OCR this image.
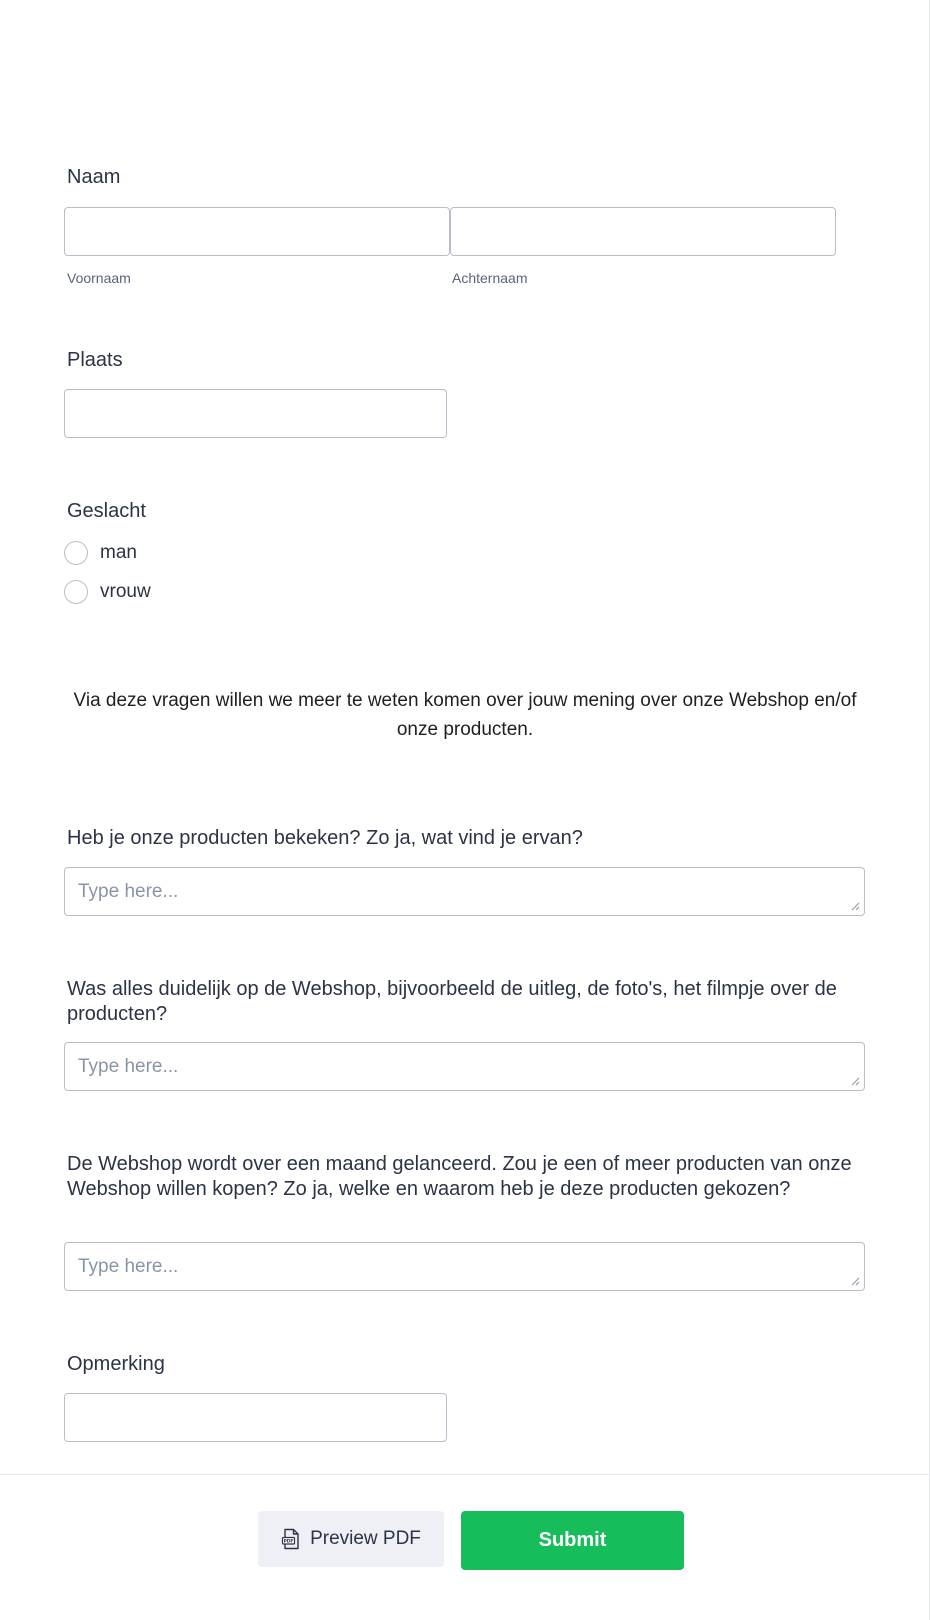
Naam
Voornaam	Achternaam
Plaats
Geslacht
man
vrouw
Via deze vragen willen we meer te weten komen over jouw mening over onze Webshop en/of onze producten.
Heb je onze producten bekeken? Zo ja, wat vind je ervan?
Type here...
Was alles duidelijk op de Webshop, bijvoorbeeld de uitleg, de foto's, het filmpje over de producten?
Type here...
De Webshop wordt over een maand gelanceerd. Zou je een of meer producten van onze Webshop willen kopen? Zo ja, welke en waarom heb je deze producten gekozen?
Type here...
Opmerking
PDF Preview PDF	Submit
